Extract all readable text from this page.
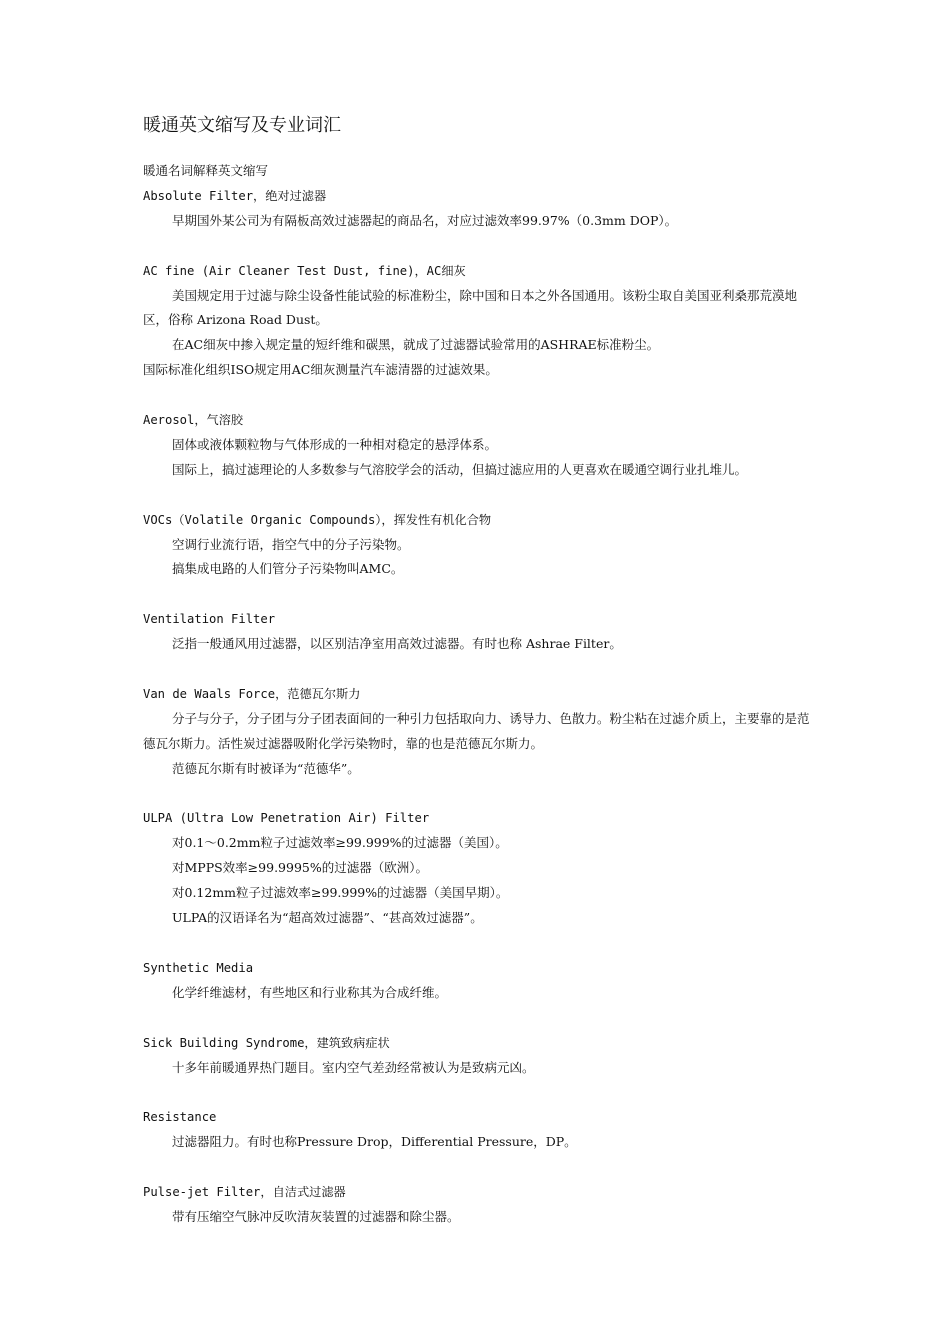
暖通英文缩写及专业词汇

暖通名词解释英文缩写

Absolute Filter，绝对过滤器

早期国外某公司为有隔板高效过滤器起的商品名，对应过滤效率99.97%（0.3mm DOP）。

AC fine (Air Cleaner Test Dust, fine)，AC细灰

美国规定用于过滤与除尘设备性能试验的标准粉尘，除中国和日本之外各国通用。该粉尘取自美国亚利桑那荒漠地区，俗称 Arizona Road Dust。

在AC细灰中掺入规定量的短纤维和碳黑，就成了过滤器试验常用的ASHRAE标准粉尘。

国际标准化组织ISO规定用AC细灰测量汽车滤清器的过滤效果。

Aerosol，气溶胶

固体或液体颗粒物与气体形成的一种相对稳定的悬浮体系。

国际上，搞过滤理论的人多数参与气溶胶学会的活动，但搞过滤应用的人更喜欢在暖通空调行业扎堆儿。

VOCs（Volatile Organic Compounds），挥发性有机化合物

空调行业流行语，指空气中的分子污染物。

搞集成电路的人们管分子污染物叫AMC。

Ventilation Filter

泛指一般通风用过滤器，以区别洁净室用高效过滤器。有时也称 Ashrae Filter。

Van de Waals Force，范德瓦尔斯力

分子与分子，分子团与分子团表面间的一种引力包括取向力、诱导力、色散力。粉尘粘在过滤介质上，主要靠的是范德瓦尔斯力。活性炭过滤器吸附化学污染物时，靠的也是范德瓦尔斯力。

范德瓦尔斯有时被译为“范德华”。

ULPA (Ultra Low Penetration Air) Filter

对0.1～0.2mm粒子过滤效率≥99.999%的过滤器（美国）。

对MPPS效率≥99.9995%的过滤器（欧洲）。

对0.12mm粒子过滤效率≥99.999%的过滤器（美国早期）。

ULPA的汉语译名为“超高效过滤器”、“甚高效过滤器”。

Synthetic Media

化学纤维滤材，有些地区和行业称其为合成纤维。

Sick Building Syndrome，建筑致病症状

十多年前暖通界热门题目。室内空气差劲经常被认为是致病元凶。

Resistance

过滤器阻力。有时也称Pressure Drop，Differential Pressure，DP。

Pulse-jet Filter，自洁式过滤器

带有压缩空气脉冲反吹清灰装置的过滤器和除尘器。
